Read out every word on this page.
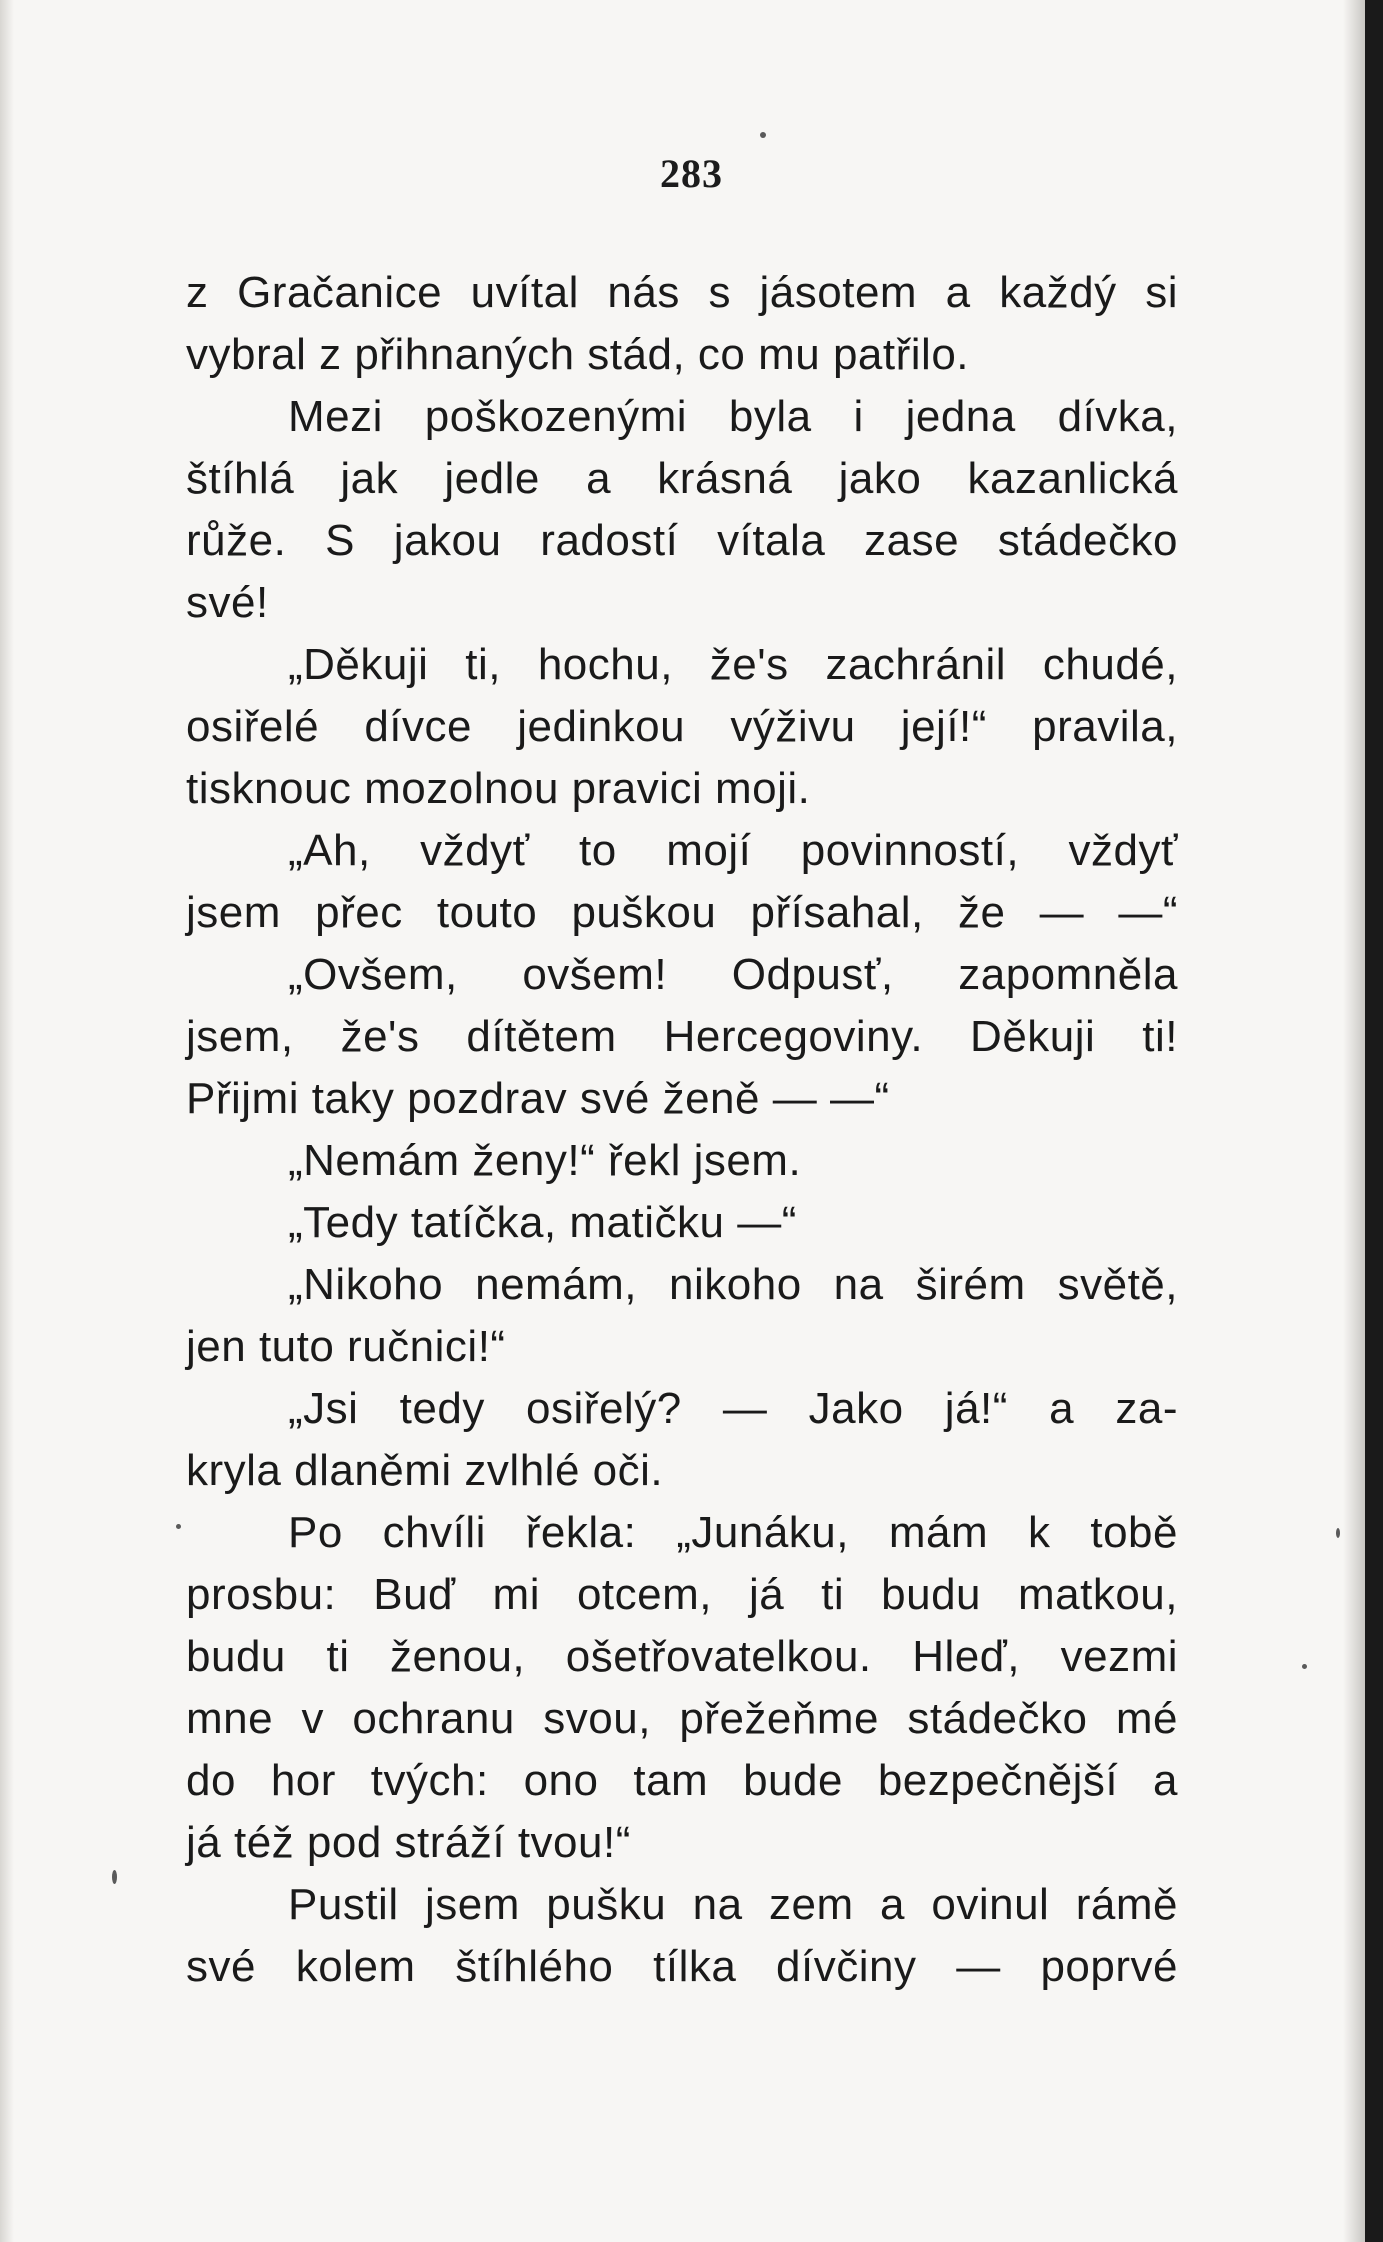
283
z Gračanice uvítal nás s jásotem a každý si
vybral z přihnaných stád, co mu patřilo.
Mezi poškozenými byla i jedna dívka,
štíhlá jak jedle a krásná jako kazanlická
růže. S jakou radostí vítala zase stádečko
své!
„Děkuji ti, hochu, že's zachránil chudé,
osiřelé dívce jedinkou výživu její!“ pravila,
tisknouc mozolnou pravici moji.
„Ah, vždyť to mojí povinností, vždyť
jsem přec touto puškou přísahal, že — —“
„Ovšem, ovšem! Odpusť, zapomněla
jsem, že's dítětem Hercegoviny. Děkuji ti!
Přijmi taky pozdrav své ženě — —“
„Nemám ženy!“ řekl jsem.
„Tedy tatíčka, matičku —“
„Nikoho nemám, nikoho na širém světě,
jen tuto ručnici!“
„Jsi tedy osiřelý? — Jako já!“ a za-
kryla dlaněmi zvlhlé oči.
Po chvíli řekla: „Junáku, mám k tobě
prosbu: Buď mi otcem, já ti budu matkou,
budu ti ženou, ošetřovatelkou. Hleď, vezmi
mne v ochranu svou, přežeňme stádečko mé
do hor tvých: ono tam bude bezpečnější a
já též pod stráží tvou!“
Pustil jsem pušku na zem a ovinul rámě
své kolem štíhlého tílka dívčiny — poprvé
